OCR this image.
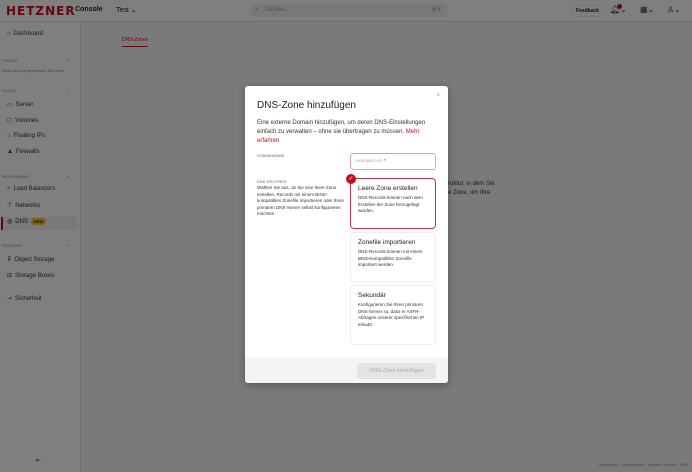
×
DNS-Zone hinzufügen
Eine externe Domain hinzufügen, um deren DNS-Einstellungen einfach zu verwalten – ohne sie übertragen zu müssen. Mehr erfahren
DOMAINNAME
example.com *
DNS-RECORDS
Wählen Sie aus, ob Sie eine leere Zone erstellen, Records mit einem BIND-kompatiblen Zonefile importieren oder Ihren primären DNS-Server selbst konfigurieren möchten.
✓
Leere Zone erstellen

DNS-Records können nach dem Erstellen der Zone hinzugefügt werden.

Zonefile importieren

DNS-Records können mit einem BIND-kompatiblen Zonefile importiert werden.

Sekundär

Konfigurieren Sie Ihren primären DNS-Server so, dass er AXFR-Abfragen unserer spezifischen IP erlaubt.

DNS-Zone hinzufügen
